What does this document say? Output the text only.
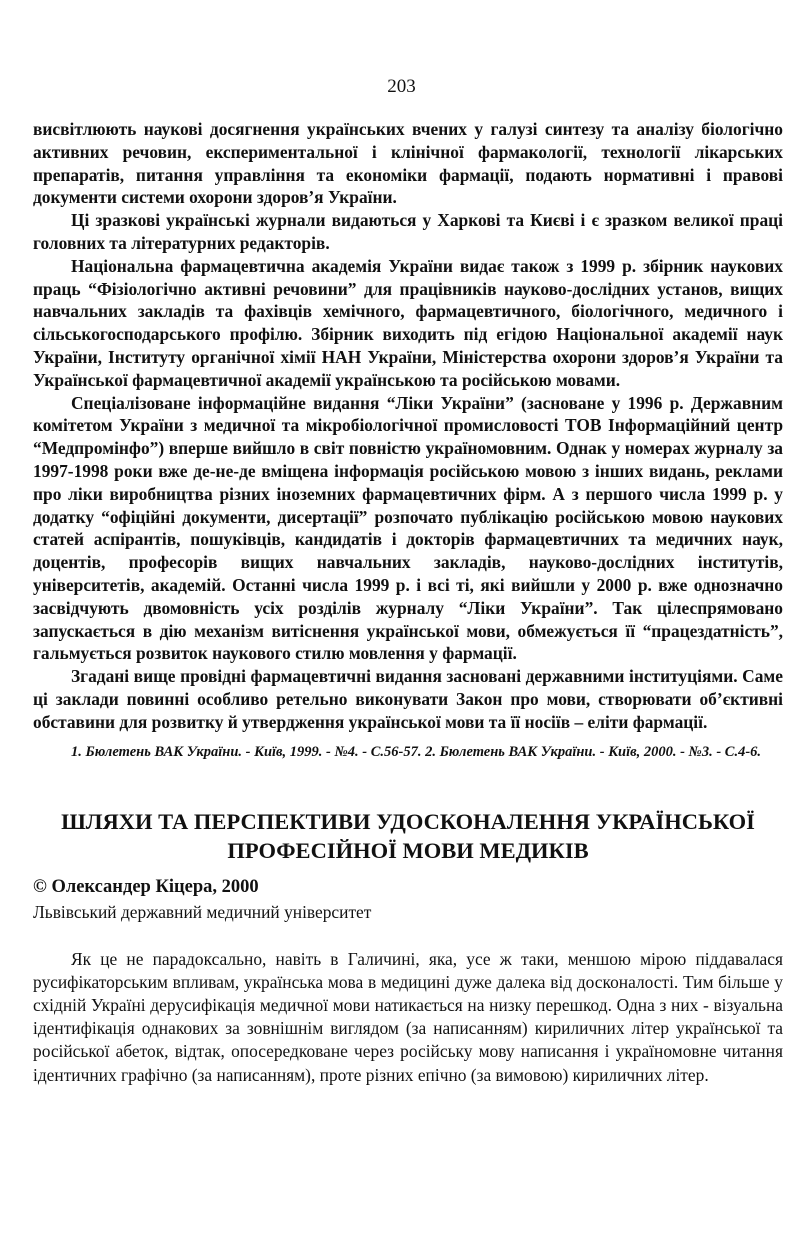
203

висвітлюють наукові досягнення українських вчених у галузі синтезу та аналізу біологічно активних речовин, експериментальної і клінічної фармакології, технології лікарських препаратів, питання управління та економіки фармації, подають нормативні і правові документи системи охорони здоров’я України.

Ці зразкові українські журнали видаються у Харкові та Києві і є зразком великої праці головних та літературних редакторів.

Національна фармацевтична академія України видає також з 1999 р. збірник наукових праць “Фізіологічно активні речовини” для працівників науково-дослідних установ, вищих навчальних закладів та фахівців хемічного, фармацевтичного, біологічного, медичного і сільськогосподарського профілю. Збірник виходить під егідою Національної академії наук України, Інституту органічної хімії НАН України, Міністерства охорони здоров’я України та Української фармацевтичної академії українською та російською мовами.

Спеціалізоване інформаційне видання “Ліки України” (засноване у 1996 р. Державним комітетом України з медичної та мікробіологічної промисловості ТОВ Інформаційний центр “Медпромінфо”) вперше вийшло в світ повністю україномовним. Однак у номерах журналу за 1997-1998 роки вже де-не-де вміщена інформація російською мовою з інших видань, реклами про ліки виробництва різних іноземних фармацевтичних фірм. А з першого числа 1999 р. у додатку “офіційні документи, дисертації” розпочато публікацію російською мовою наукових статей аспірантів, пошуківців, кандидатів і докторів фармацевтичних та медичних наук, доцентів, професорів вищих навчальних закладів, науково-дослідних інститутів, університетів, академій. Останні числа 1999 р. і всі ті, які вийшли у 2000 р. вже однозначно засвідчують двомовність усіх розділів журналу “Ліки України”. Так цілеспрямовано запускається в дію механізм витіснення української мови, обмежується її “працездатність”, гальмується розвиток наукового стилю мовлення у фармації.

Згадані вище провідні фармацевтичні видання засновані державними інституціями. Саме ці заклади повинні особливо ретельно виконувати Закон про мови, створювати об’єктивні обставини для розвитку й утвердження української мови та її носіїв – еліти фармації.

1. Бюлетень ВАК України. - Київ, 1999. - №4. - С.56-57. 2. Бюлетень ВАК України. - Київ, 2000. - №3. - С.4-6.

ШЛЯХИ ТА ПЕРСПЕКТИВИ УДОСКОНАЛЕННЯ УКРАЇНСЬКОЇ
ПРОФЕСІЙНОЇ МОВИ МЕДИКІВ

© Олександер Кіцера, 2000

Львівський державний медичний університет

Як це не парадоксально, навіть в Галичині, яка, усе ж таки, меншою мірою піддавалася русифікаторським впливам, українська мова в медицині дуже далека від досконалості. Тим більше у східній Україні дерусифікація медичної мови натикається на низку перешкод. Одна з них - візуальна ідентифікація однакових за зовнішнім виглядом (за написанням) кириличних літер української та російської абеток, відтак, опосередковане через російську мову написання і україномовне читання ідентичних графічно (за написанням), проте різних епічно (за вимовою) кириличних літер.
